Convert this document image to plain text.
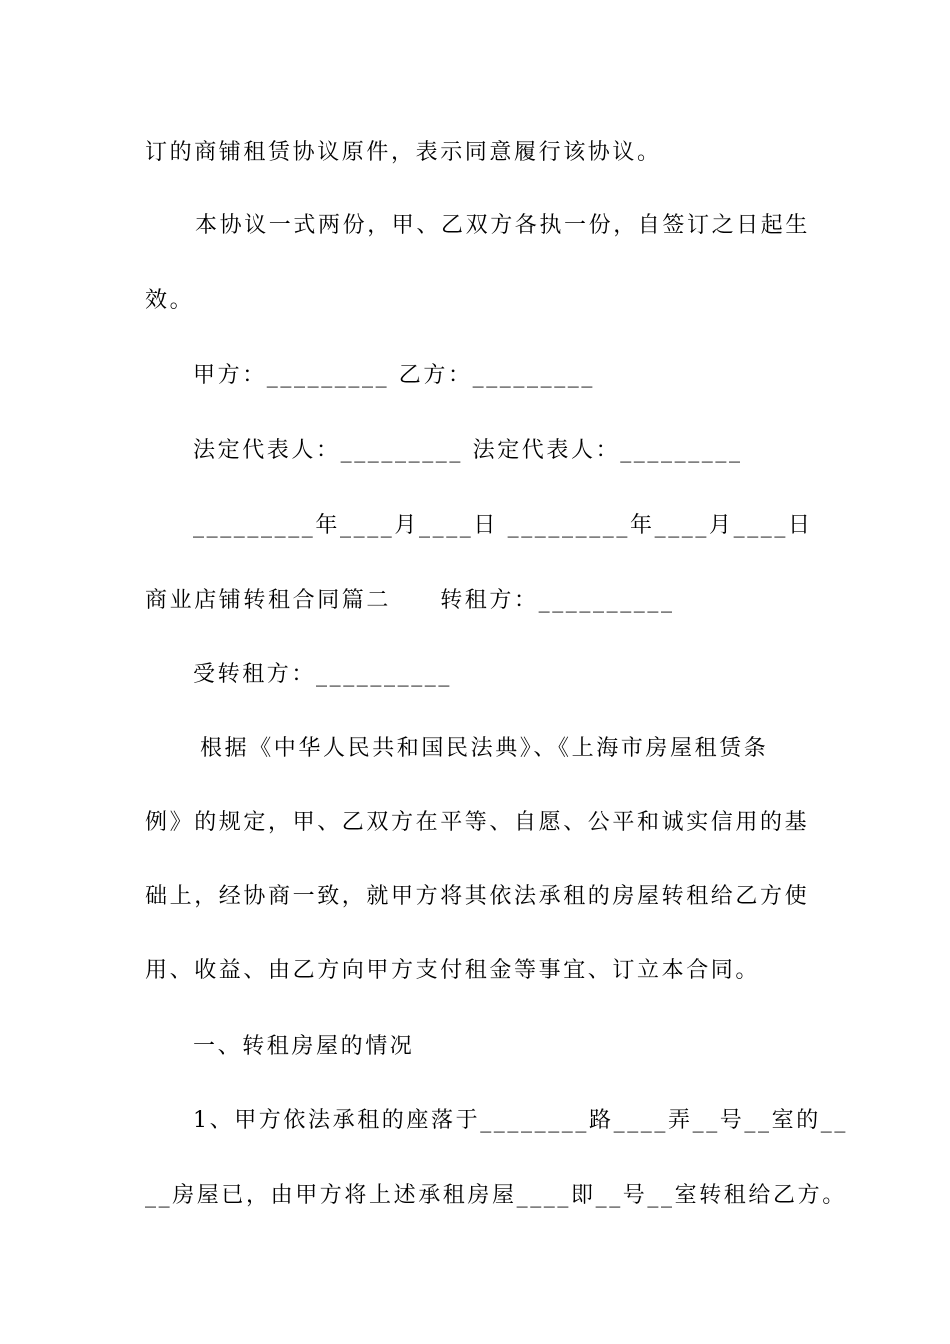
订的商铺租赁协议原件，表示同意履行该协议。
本协议一式两份，甲、乙双方各执一份，自签订之日起生
效。
甲方：_________ 乙方：_________
法定代表人：_________ 法定代表人：_________
_________年____月____日 _________年____月____日
商业店铺转租合同篇二　　转租方：__________
受转租方：__________
根据《中华人民共和国民法典》、《上海市房屋租赁条
例》的规定，甲、乙双方在平等、自愿、公平和诚实信用的基
础上，经协商一致，就甲方将其依法承租的房屋转租给乙方使
用、收益、由乙方向甲方支付租金等事宜、订立本合同。
一、转租房屋的情况
1、甲方依法承租的座落于________路____弄__号__室的__
__房屋已，由甲方将上述承租房屋____即__号__室转租给乙方。
